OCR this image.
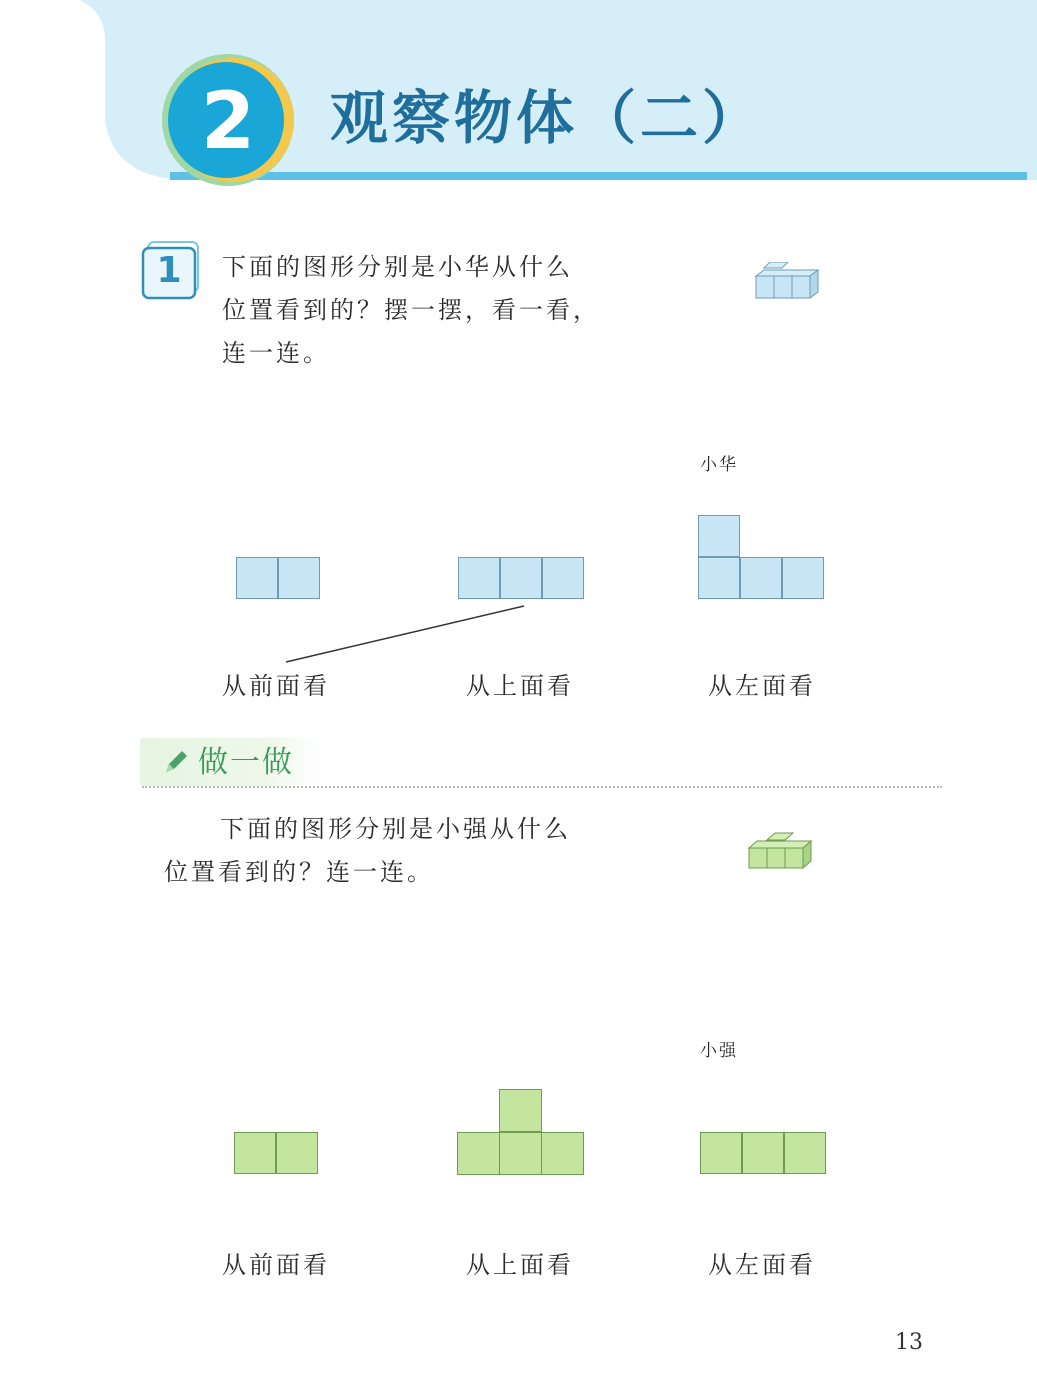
2	观察物体（二）
1	下面的图形分别是小华从什么
位置看到的？摆一摆，看一看，
连一连。
小华
从前面看	从上面看	从左面看
做一做
下面的图形分别是小强从什么
位置看到的？连一连。
小强
从前面看	从上面看	从左面看
13
